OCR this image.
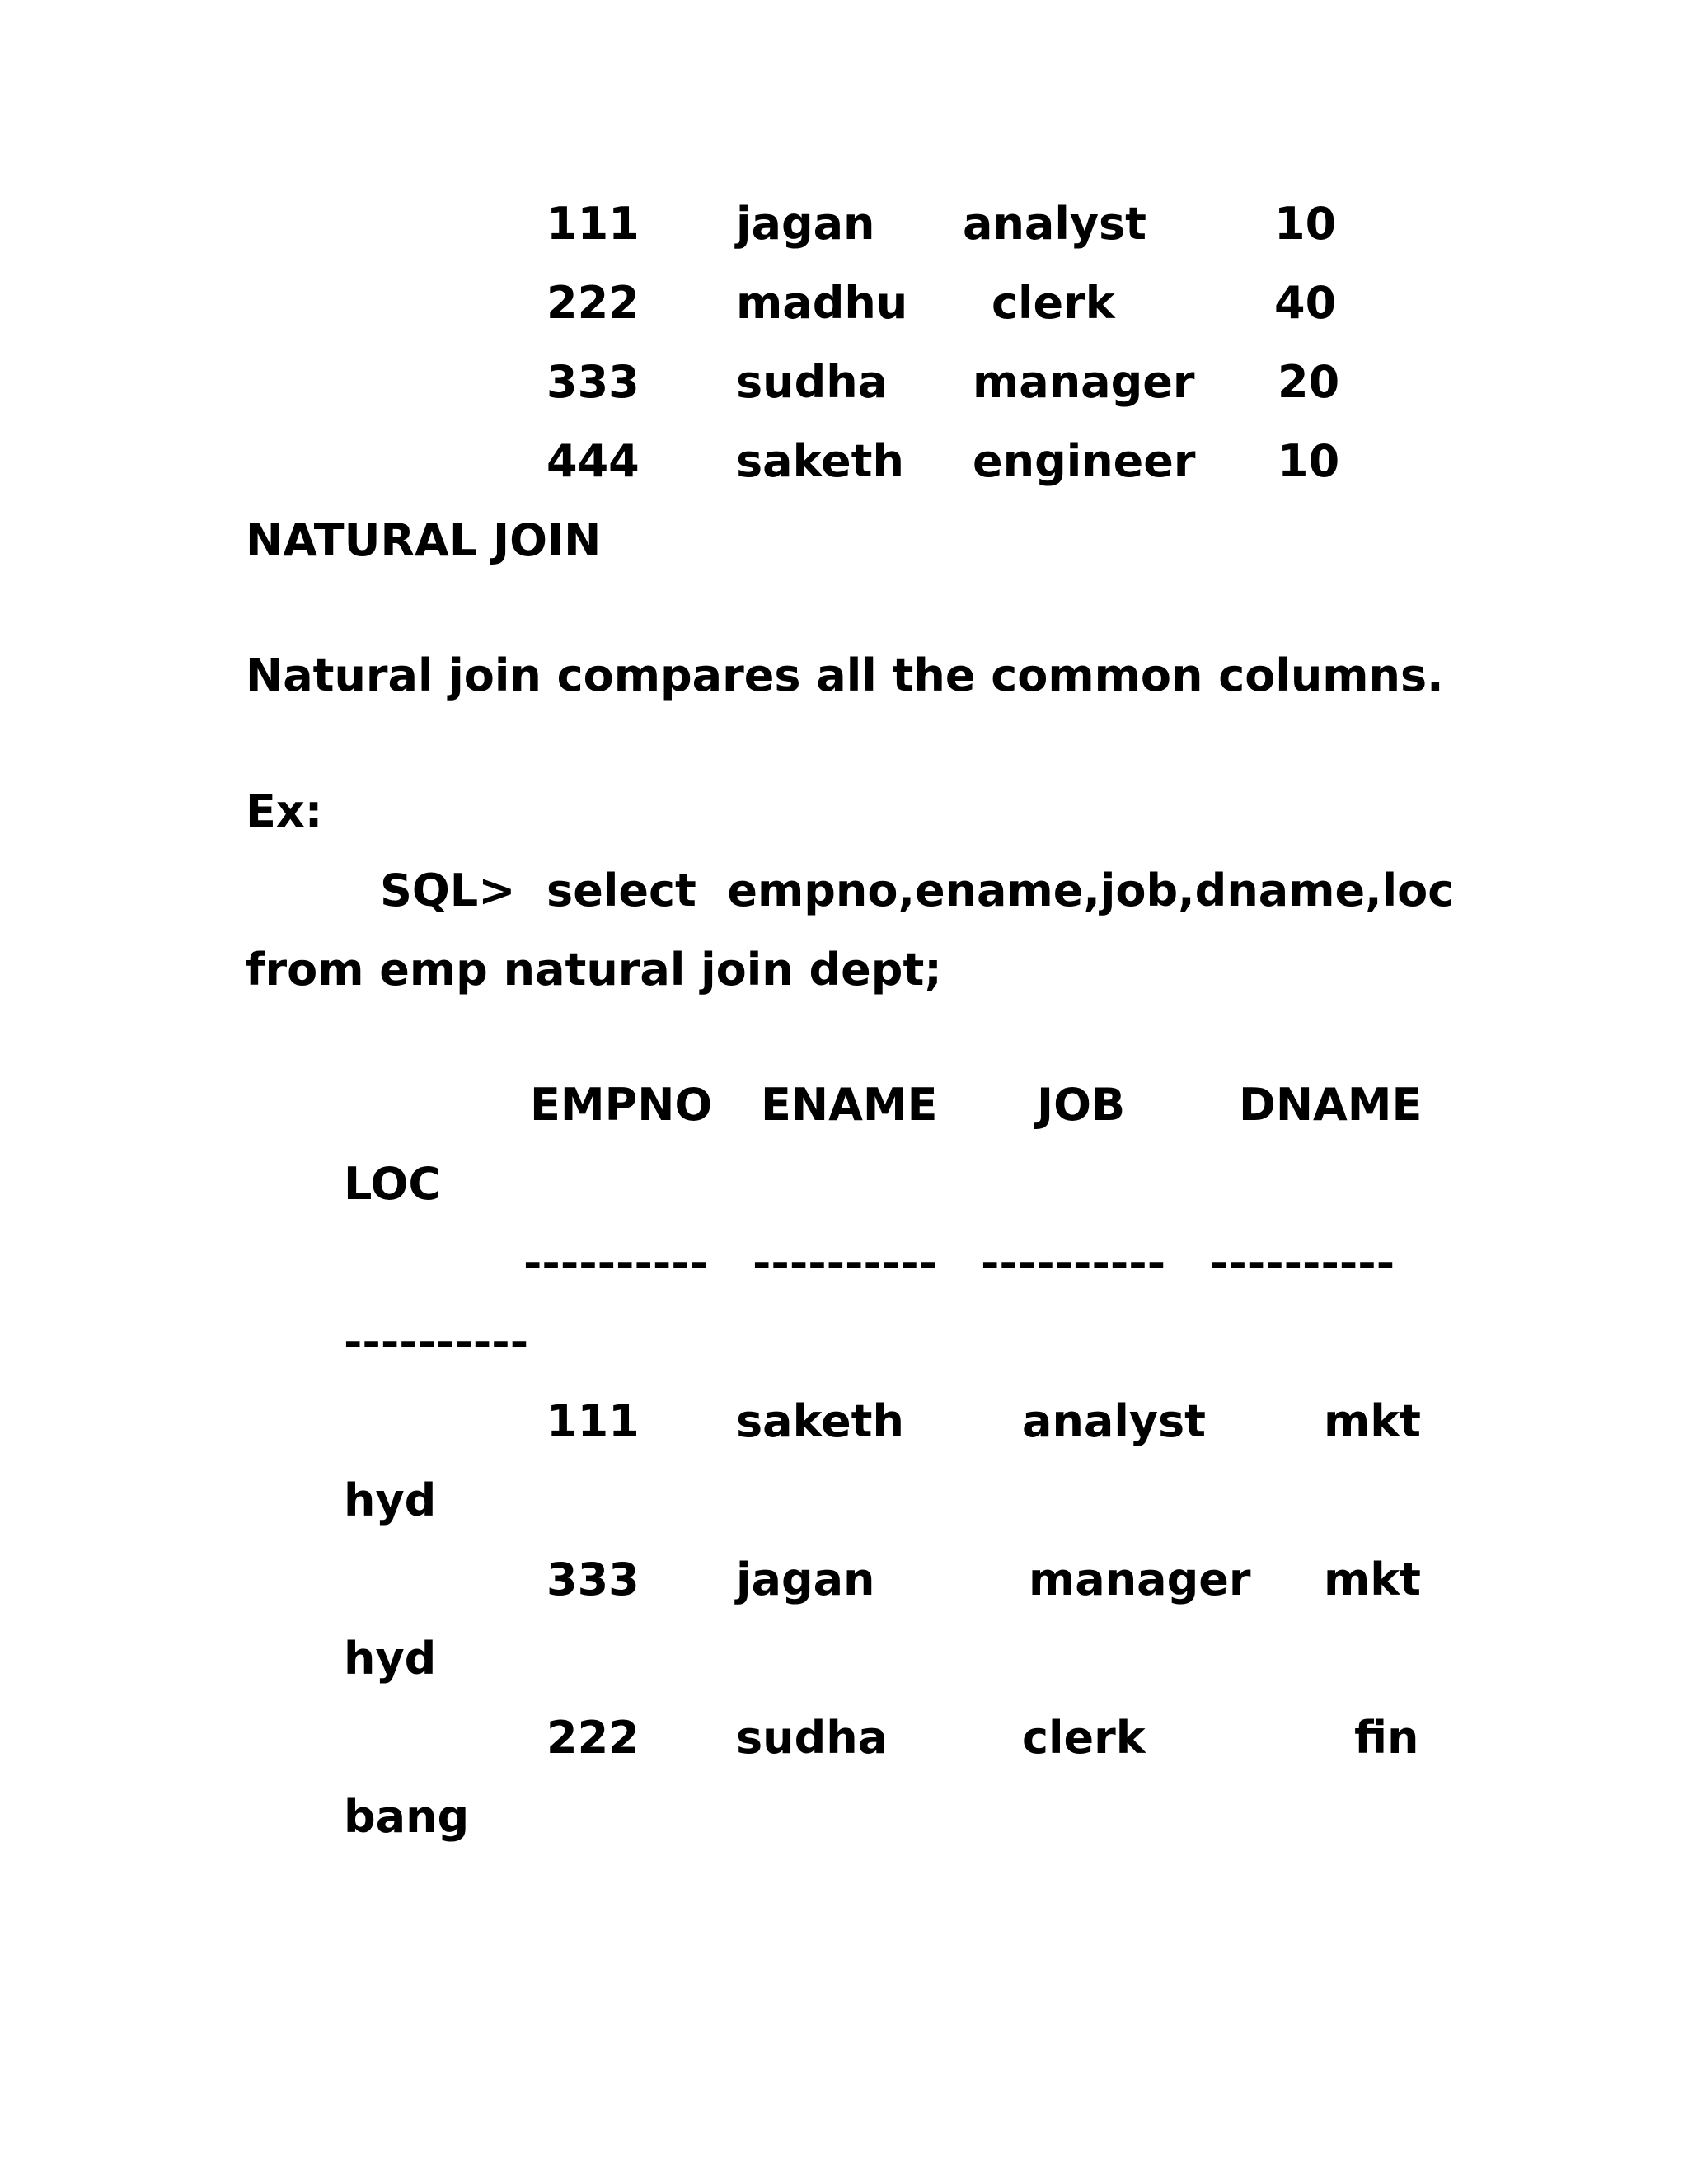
111 jagan analyst	10
222 madhu clerk	40
333 sudha manager 20
444 saketh engineer 10
NATURAL JOIN
Natural join compares all the common columns.
Ex:
SQL>  select  empno,ename,job,dname,loc
from emp natural join dept;
EMPNO ENAME JOB	DNAME
LOC
---------- ---------- ---------- ----------
----------
111 saketh	analyst	mkt
hyd
333 jagan	manager mkt
hyd
222 sudha	clerk	fin
bang
